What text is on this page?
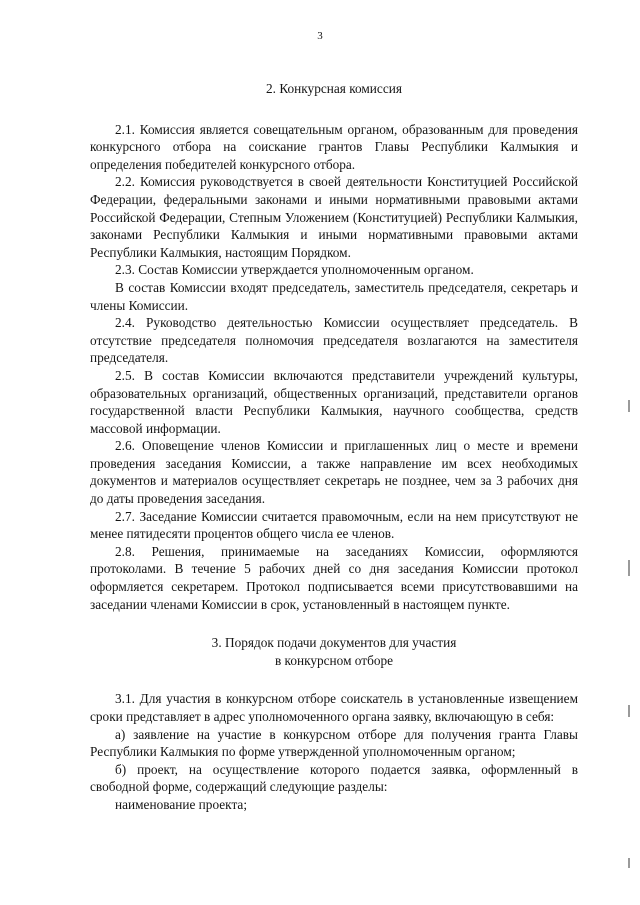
3
2. Конкурсная комиссия

2.1. Комиссия является совещательным органом, образованным для проведения конкурсного отбора на соискание грантов Главы Республики Калмыкия и определения победителей конкурсного отбора.

2.2. Комиссия руководствуется в своей деятельности Конституцией Российской Федерации, федеральными законами и иными нормативными правовыми актами Российской Федерации, Степным Уложением (Конституцией) Республики Калмыкия, законами Республики Калмыкия и иными нормативными правовыми актами Республики Калмыкия, настоящим Порядком.

2.3. Состав Комиссии утверждается уполномоченным органом.

В состав Комиссии входят председатель, заместитель председателя, секретарь и члены Комиссии.

2.4. Руководство деятельностью Комиссии осуществляет председатель. В отсутствие председателя полномочия председателя возлагаются на заместителя председателя.

2.5. В состав Комиссии включаются представители учреждений культуры, образовательных организаций, общественных организаций, представители органов государственной власти Республики Калмыкия, научного сообщества, средств массовой информации.

2.6. Оповещение членов Комиссии и приглашенных лиц о месте и времени проведения заседания Комиссии, а также направление им всех необходимых документов и материалов осуществляет секретарь не позднее, чем за 3 рабочих дня до даты проведения заседания.

2.7. Заседание Комиссии считается правомочным, если на нем присутствуют не менее пятидесяти процентов общего числа ее членов.

2.8. Решения, принимаемые на заседаниях Комиссии, оформляются протоколами. В течение 5 рабочих дней со дня заседания Комиссии протокол оформляется секретарем. Протокол подписывается всеми присутствовавшими на заседании членами Комиссии в срок, установленный в настоящем пункте.

3. Порядок подачи документов для участия
в конкурсном отборе

3.1. Для участия в конкурсном отборе соискатель в установленные извещением сроки представляет в адрес уполномоченного органа заявку, включающую в себя:

а) заявление на участие в конкурсном отборе для получения гранта Главы Республики Калмыкия по форме утвержденной уполномоченным органом;

б) проект, на осуществление которого подается заявка, оформленный в свободной форме, содержащий следующие разделы:

наименование проекта;
